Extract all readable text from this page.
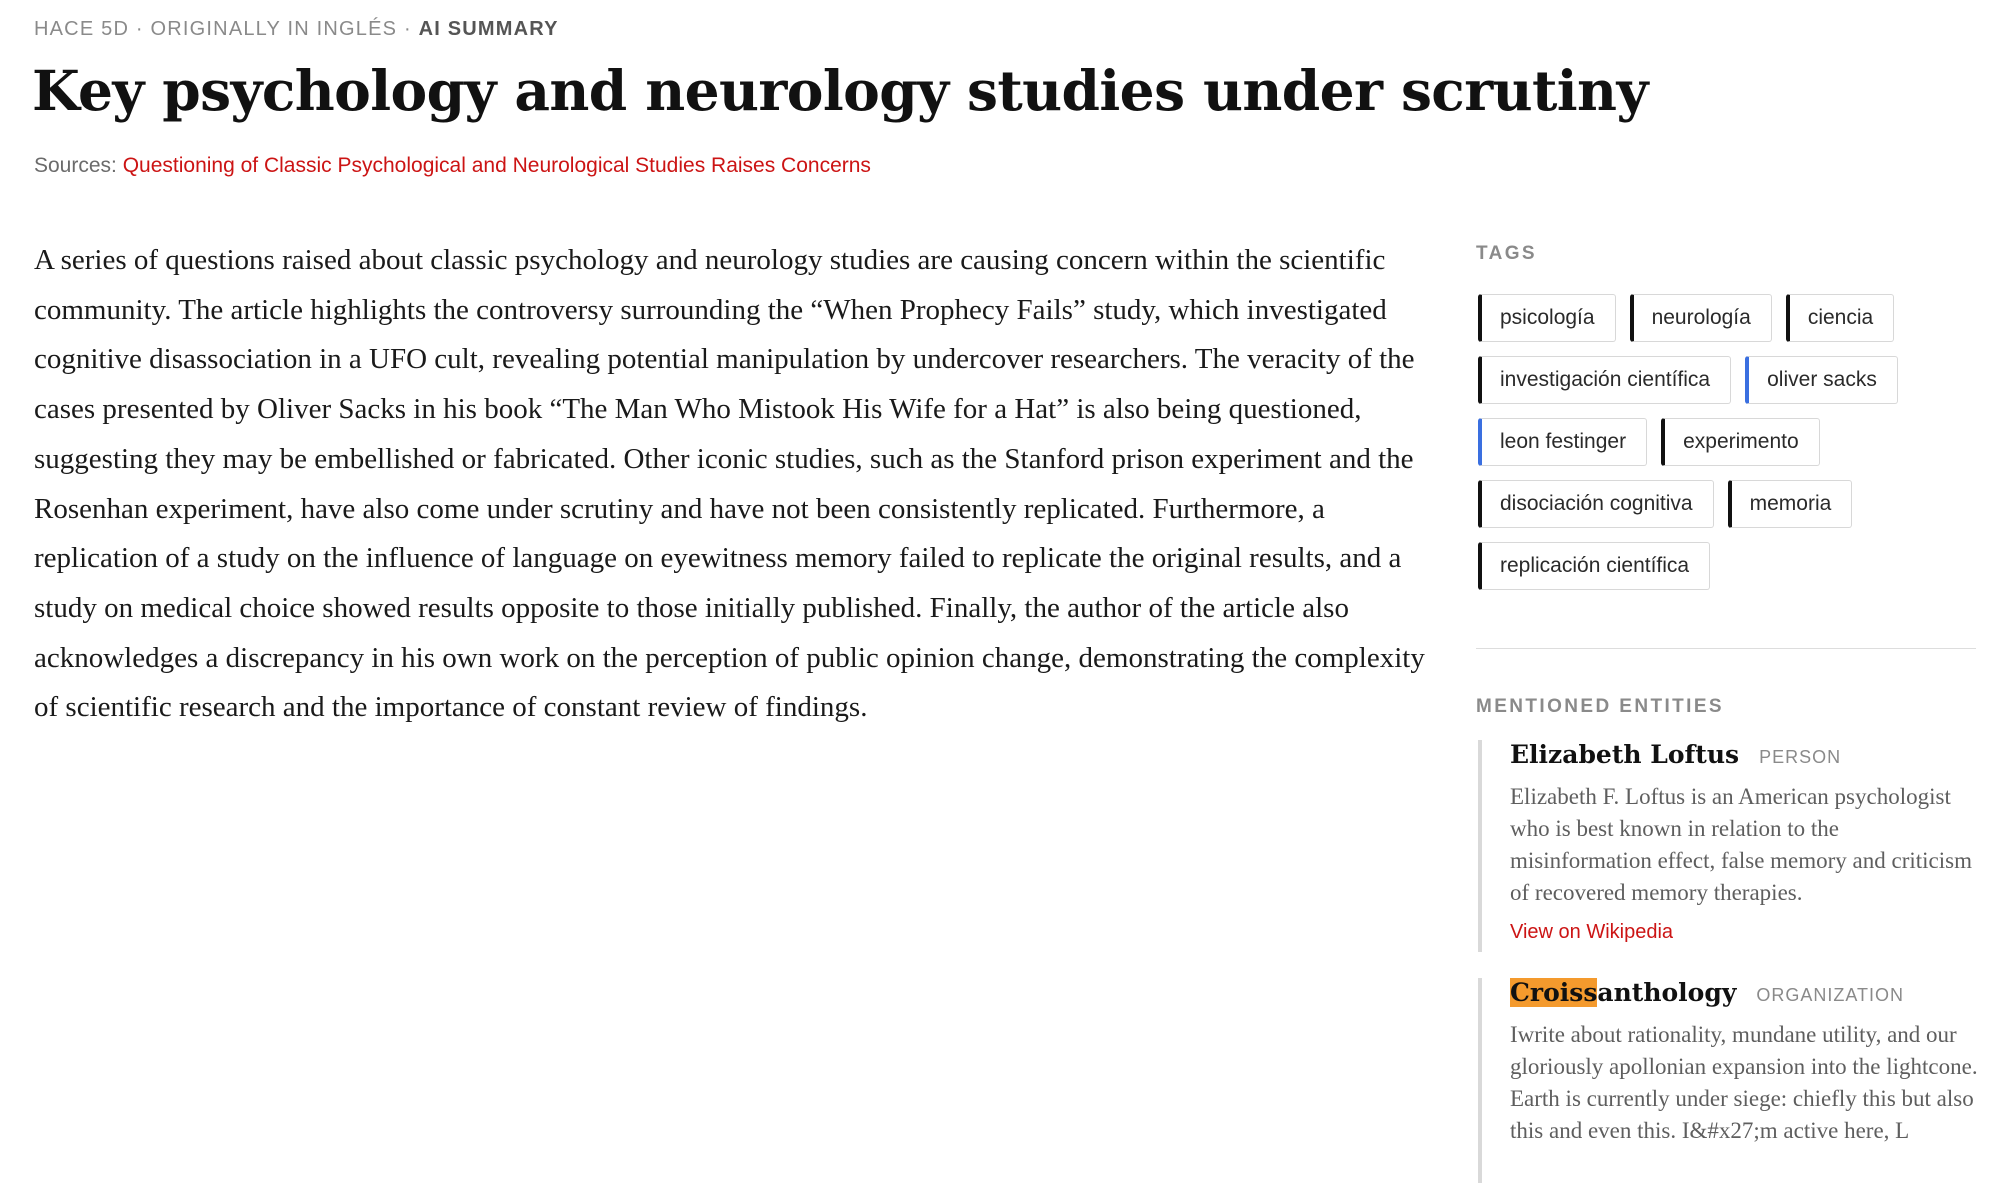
HACE 5D · ORIGINALLY IN INGLÉS · AI SUMMARY
Key psychology and neurology studies under scrutiny
Sources: Questioning of Classic Psychological and Neurological Studies Raises Concerns

A series of questions raised about classic psychology and neurology studies are causing concern within the scientific community. The article highlights the controversy surrounding the “When Prophecy Fails” study, which investigated cognitive disassociation in a UFO cult, revealing potential manipulation by undercover researchers. The veracity of the cases presented by Oliver Sacks in his book “The Man Who Mistook His Wife for a Hat” is also being questioned, suggesting they may be embellished or fabricated. Other iconic studies, such as the Stanford prison experiment and the Rosenhan experiment, have also come under scrutiny and have not been consistently replicated. Furthermore, a replication of a study on the influence of language on eyewitness memory failed to replicate the original results, and a study on medical choice showed results opposite to those initially published. Finally, the author of the article also acknowledges a discrepancy in his own work on the perception of public opinion change, demonstrating the complexity of scientific research and the importance of constant review of findings.

TAGS
psicología	neurología	ciencia
investigación científica	oliver sacks
leon festinger	experimento
disociación cognitiva	memoria
replicación científica
MENTIONED ENTITIES
Elizabeth Loftus PERSON

Elizabeth F. Loftus is an American psychologist who is best known in relation to the misinformation effect, false memory and criticism of recovered memory therapies.

View on Wikipedia
Croissanthology ORGANIZATION

Iwrite about rationality, mundane utility, and our gloriously apollonian expansion into the lightcone. Earth is currently under siege: chiefly this but also this and even this. I&#x27;m active here, L
